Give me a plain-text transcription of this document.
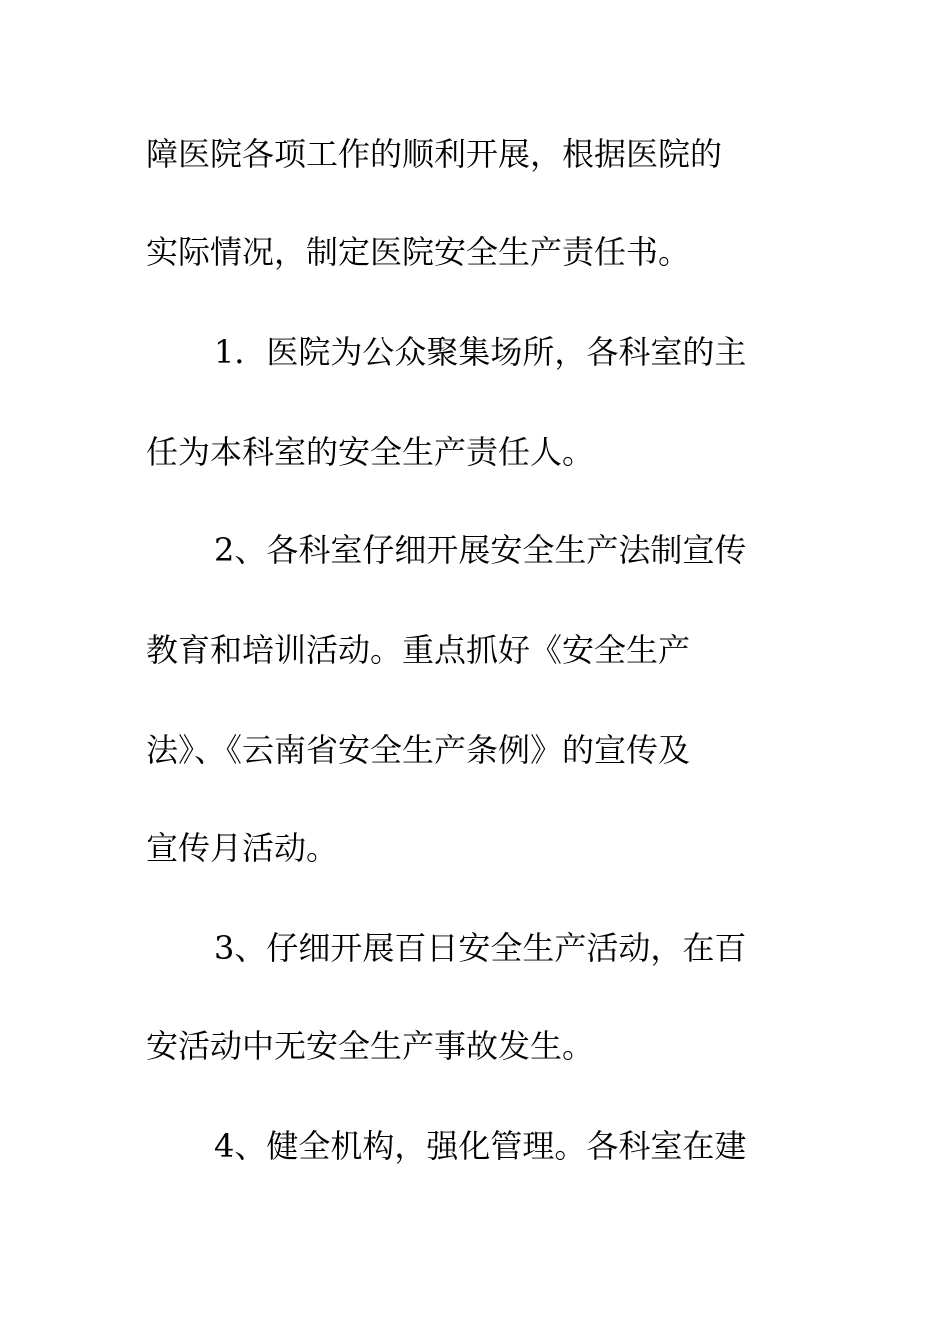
障医院各项工作的顺利开展，根据医院的
实际情况，制定医院安全生产责任书。
1．医院为公众聚集场所，各科室的主
任为本科室的安全生产责任人。
2、各科室仔细开展安全生产法制宣传
教育和培训活动。重点抓好《安全生产
法》、《云南省安全生产条例》的宣传及
宣传月活动。
3、仔细开展百日安全生产活动，在百
安活动中无安全生产事故发生。
4、健全机构，强化管理。各科室在建
